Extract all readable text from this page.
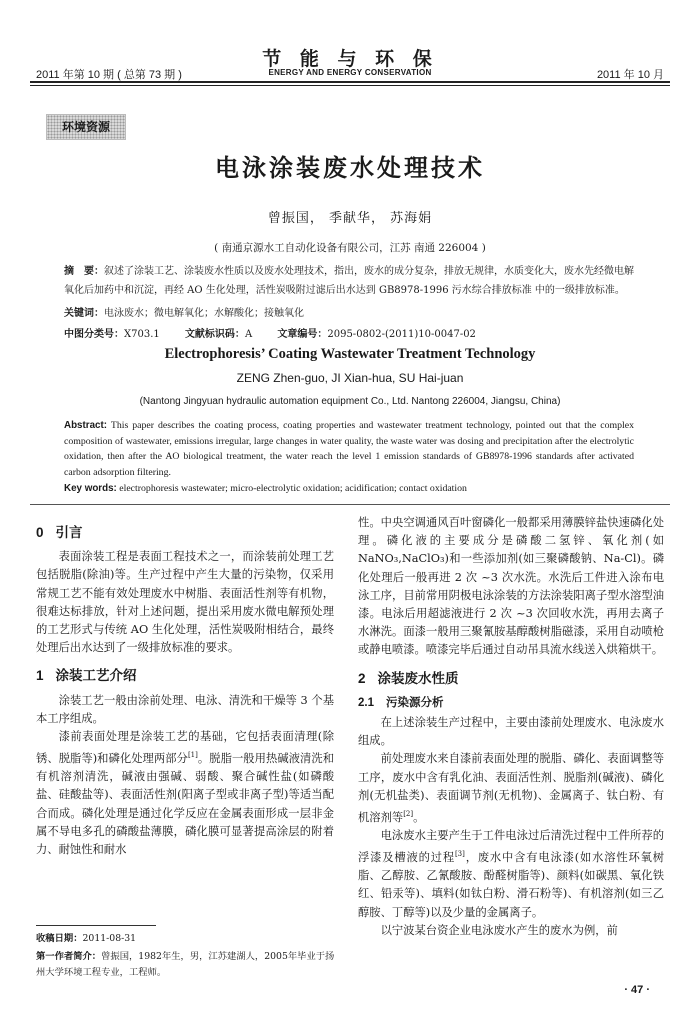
2011 年第 10 期 ( 总第 73 期 )
节 能 与 环 保
ENERGY AND ENERGY CONSERVATION	2011 年 10 月
环境资源
电泳涂装废水处理技术
曾振国， 季献华， 苏海娟
( 南通京源水工自动化设备有限公司，江苏 南通 226004 )
摘　要：叙述了涂装工艺、涂装废水性质以及废水处理技术，指出，废水的成分复杂，排放无规律，水质变化大，废水先经微电解氧化后加药中和沉淀，再经 AO 生化处理，活性炭吸附过滤后出水达到 GB8978-1996 污水综合排放标准 中的一级排放标准。
关键词：电泳废水；微电解氧化；水解酸化；接触氧化
中图分类号：X703.1	文献标识码：A	文章编号：2095-0802-(2011)10-0047-02
Electrophoresis’ Coating Wastewater Treatment Technology
ZENG Zhen-guo, JI Xian-hua, SU Hai-juan
(Nantong Jingyuan hydraulic automation equipment Co., Ltd. Nantong 226004, Jiangsu, China)
Abstract: This paper describes the coating process, coating properties and wastewater treatment technology, pointed out that the complex composition of wastewater, emissions irregular, large changes in water quality, the waste water was dosing and precipitation after the electrolytic oxidation, then after the AO biological treatment, the water reach the level 1 emission standards of GB8978-1996 standards after activated carbon adsorption filtering.
Key words: electrophoresis wastewater; micro-electrolytic oxidation; acidification; contact oxidation
0 引言

表面涂装工程是表面工程技术之一，而涂装前处理工艺包括脱脂(除油)等。生产过程中产生大量的污染物，仅采用常规工艺不能有效处理废水中树脂、表面活性剂等有机物，很难达标排放，针对上述问题，提出采用废水微电解预处理的工艺形式与传统 AO 生化处理，活性炭吸附相结合，最终处理后出水达到了一级排放标准的要求。

1 涂装工艺介绍

涂装工艺一般由涂前处理、电泳、清洗和干燥等 3 个基本工序组成。

漆前表面处理是涂装工艺的基础，它包括表面清理(除锈、脱脂等)和磷化处理两部分[1]。脱脂一般用热碱液清洗和有机溶剂清洗，碱液由强碱、弱酸、聚合碱性盐(如磷酸盐、硅酸盐等)、表面活性剂(阳离子型或非离子型)等适当配合而成。磷化处理是通过化学反应在金属表面形成一层非金属不导电多孔的磷酸盐薄膜，磷化膜可显著提高涂层的附着力、耐蚀性和耐水

性。中央空调通风百叶窗磷化一般都采用薄膜锌盐快速磷化处理。磷化液的主要成分是磷酸二氢锌、氧化剂(如 NaNO₃,NaClO₃)和一些添加剂(如三聚磷酸钠、Na-Cl)。磷化处理后一般再进 2 次 ~3 次水洗。水洗后工件进入涂布电泳工序，目前常用阴极电泳涂装的方法涂装阳离子型水溶型油漆。电泳后用超滤液进行 2 次 ~3 次回收水洗，再用去离子水淋洗。面漆一般用三聚氰胺基醇酸树脂磁漆，采用自动喷枪或静电喷漆。喷漆完毕后通过自动吊具流水线送入烘箱烘干。

2 涂装废水性质
2.1 污染源分析

在上述涂装生产过程中，主要由漆前处理废水、电泳废水组成。

前处理废水来自漆前表面处理的脱脂、磷化、表面调整等工序，废水中含有乳化油、表面活性剂、脱脂剂(碱液)、磷化剂(无机盐类)、表面调节剂(无机物)、金属离子、钛白粉、有机溶剂等[2]。

电泳废水主要产生于工件电泳过后清洗过程中工件所荐的浮漆及槽液的过程[3]，废水中含有电泳漆(如水溶性环氧树脂、乙醇胺、乙氰酸胺、酚醛树脂等)、颜料(如碳黑、氧化铁红、铅汞等)、填料(如钛白粉、滑石粉等)、有机溶剂(如三乙醇胺、丁醇等)以及少量的金属离子。

以宁波某台资企业电泳废水产生的废水为例，前

收稿日期：2011-08-31
第一作者简介：曾振国，1982年生，男，江苏建湖人，2005年毕业于扬州大学环境工程专业，工程师。
· 47 ·
